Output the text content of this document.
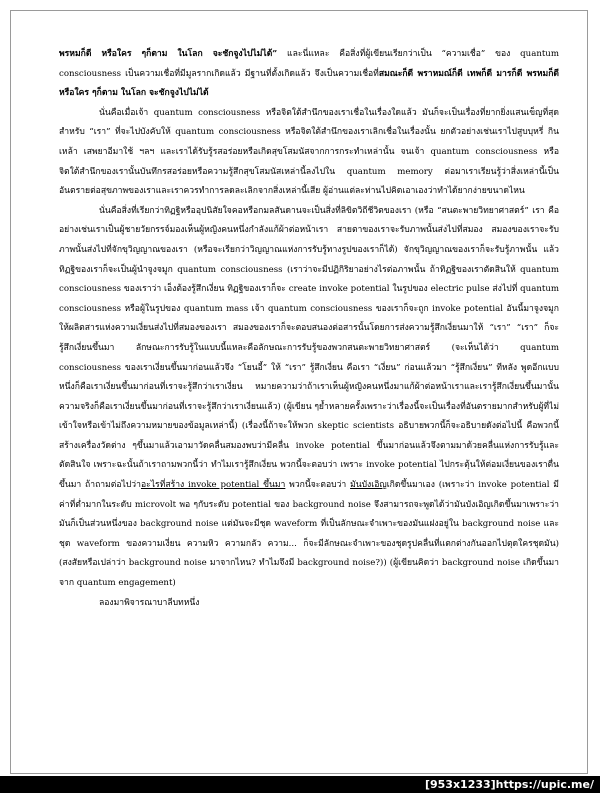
พรหมก็ดี หรือใคร ๆก็ตาม ในโลก จะชักจูงไปไม่ได้” และนี่แหละ คือสิ่งที่ผู้เขียนเรียกว่าเป็น “ความเชื่อ” ของ quantum consciousness เป็นความเชื่อที่มีมูลรากเกิดแล้ว มีฐานที่ตั้งเกิดแล้ว จึงเป็นความเชื่อที่สมณะก็ดี พราหมณ์ก็ดี เทพก็ดี มารก็ดี พรหมก็ดี หรือใคร ๆก็ตาม ในโลก จะชักจูงไปไม่ได้

นั่นคือเมื่อเจ้า quantum consciousness หรือจิตใต้สำนึกของเราเชื่อในเรื่องใดแล้ว มันก็จะเป็นเรื่องที่ยากยิ่งแสนเข็ญที่สุดสำหรับ “เรา” ที่จะไปบังคับให้ quantum consciousness หรือจิตใต้สำนึกของเราเลิกเชื่อในเรื่องนั้น ยกตัวอย่างเช่นเราไปสูบบุหรี่ กินเหล้า เสพยาอีมาใช้ ฯลฯ และเราได้รับรู้รสอร่อยหรือเกิดสุขโสมนัสจากการกระทำเหล่านั้น จนเจ้า quantum consciousness หรือจิตใต้สำนึกของเรานั้นบันทึกรสอร่อยหรือความรู้สึกสุขโสมนัสเหล่านี้ลงไปใน quantum memory ต่อมาเราเรียนรู้ว่าสิ่งเหล่านี้เป็นอันตรายต่อสุขภาพของเราและเราควรทำการลดละเลิกจากสิ่งเหล่านี้เสีย ผู้อ่านแต่ละท่านไปคิดเอาเองว่าทำได้ยากง่ายขนาดไหน

นั่นคือสิ่งที่เรียกว่าทิฏฐิหรืออุปนิสัยใจคอหรือกมลสันดานจะเป็นสิ่งที่ลิขิตวิถีชีวิตของเรา (หรือ “สนตะพายวิทยาศาสตร์” เรา คือ อย่างเช่นเราเป็นผู้ชายวัยกรรจ์มองเห็นผู้หญิงคนหนึ่งกำลังแก้ผ้าต่อหน้าเรา สายตาของเราจะรับภาพนั้นส่งไปที่สมอง สมองของเราจะรับภาพนั้นส่งไปที่จักขุวิญญาณของเรา (หรือจะเรียกว่าวิญญาณแห่งการรับรู้ทางรูปของเราก็ได้) จักขุวิญญาณของเราก็จะรับรู้ภาพนั้น แล้วทิฏฐิของเราก็จะเป็นผู้นำจูงจมูก quantum consciousness (เราว่าจะมีปฏิกิริยาอย่างไรต่อภาพนั้น ถ้าทิฏฐิของเราตัดสินให้ quantum consciousness ของเราว่า เอ็งต้องรู้สึกเงี่ยน ทิฏฐิของเราก็จะ create invoke potential ในรูปของ electric pulse ส่งไปที่ quantum consciousness หรือผู้ในรูปของ quantum mass เจ้า quantum consciousness ของเราก็จะถูก invoke potential อันนี้มาจูงจมูกให้ผลิตสารแห่งความเงี่ยนส่งไปที่สมองของเรา สมองของเราก็จะตอบสนองต่อสารนั้นโดยการส่งความรู้สึกเงี่ยนมาให้ “เรา” “เรา” ก็จะรู้สึกเงี่ยนขึ้นมา ลักษณะการรับรู้ในแบบนี้แหละคือลักษณะการรับรู้ของพวกสนตะพายวิทยาศาสตร์ (จะเห็นได้ว่า quantum consciousness ของเราเงี่ยนขึ้นมาก่อนแล้วจึง “โยนอี้” ให้ “เรา” รู้สึกเงี่ยน คือเรา “เงี่ยน” ก่อนแล้วมา “รู้สึกเงี่ยน” ทีหลัง พูดอีกแบบหนึ่งก็คือเราเงี่ยนขึ้นมาก่อนที่เราจะรู้สึกว่าเราเงี่ยน หมายความว่าถ้าเราเห็นผู้หญิงคนหนึ่งมาแก้ผ้าต่อหน้าเราและเรารู้สึกเงี่ยนขึ้นมานั้น ความจริงก็คือเราเงี่ยนขึ้นมาก่อนที่เราจะรู้สึกว่าเราเงี่ยนแล้ว) (ผู้เขียน ๆย้ำหลายครั้งเพราะว่าเรื่องนี้จะเป็นเรื่องที่อันตรายมากสำหรับผู้ที่ไม่เข้าใจหรือเข้าไม่ถึงความหมายของข้อมูลเหล่านี้) (เรื่องนี้ถ้าจะให้พวก skeptic scientists อธิบายพวกนี้ก็จะอธิบายดังต่อไปนี้ คือพวกนี้สร้างเครื่องวัดต่าง ๆขึ้นมาแล้วเอามาวัดคลื่นสมองพบว่ามีคลื่น invoke potential ขึ้นมาก่อนแล้วจึงตามมาด้วยคลื่นแห่งการรับรู้และตัดสินใจ เพราะฉะนั้นถ้าเราถามพวกนี้ว่า ทำไมเรารู้สึกเงี่ยน พวกนี้จะตอบว่า เพราะ invoke potential ไปกระตุ้นให้ต่อมเงี่ยนของเราตื่นขึ้นมา ถ้าถามต่อไปว่าอะไรที่สร้าง invoke potential ขึ้นมา พวกนี้จะตอบว่า มันบังเอิญเกิดขึ้นมาเอง (เพราะว่า invoke potential มีค่าที่ต่ำมากในระดับ microvolt พอ ๆกับระดับ potential ของ background noise จึงสามารถจะพูดได้ว่ามันบังเอิญเกิดขึ้นมาเพราะว่ามันก็เป็นส่วนหนึ่งของ background noise แต่มันจะมีชุด waveform ที่เป็นลักษณะจำเพาะของมันแฝงอยู่ใน background noise และชุด waveform ของความเงี่ยน ความหิว ความกลัว ความ... ก็จะมีลักษณะจำเพาะของชุดรูปคลื่นที่แตกต่างกันออกไปตุดใครชุดมัน) (สงสัยหรือเปล่าว่า background noise มาจากไหน? ทำไมจึงมี background noise?)) (ผู้เขียนคิดว่า background noise เกิดขึ้นมาจาก quantum engagement)

ลองมาพิจารณาบาลีบทหนึ่ง

[953x1233]https://upic.me/
